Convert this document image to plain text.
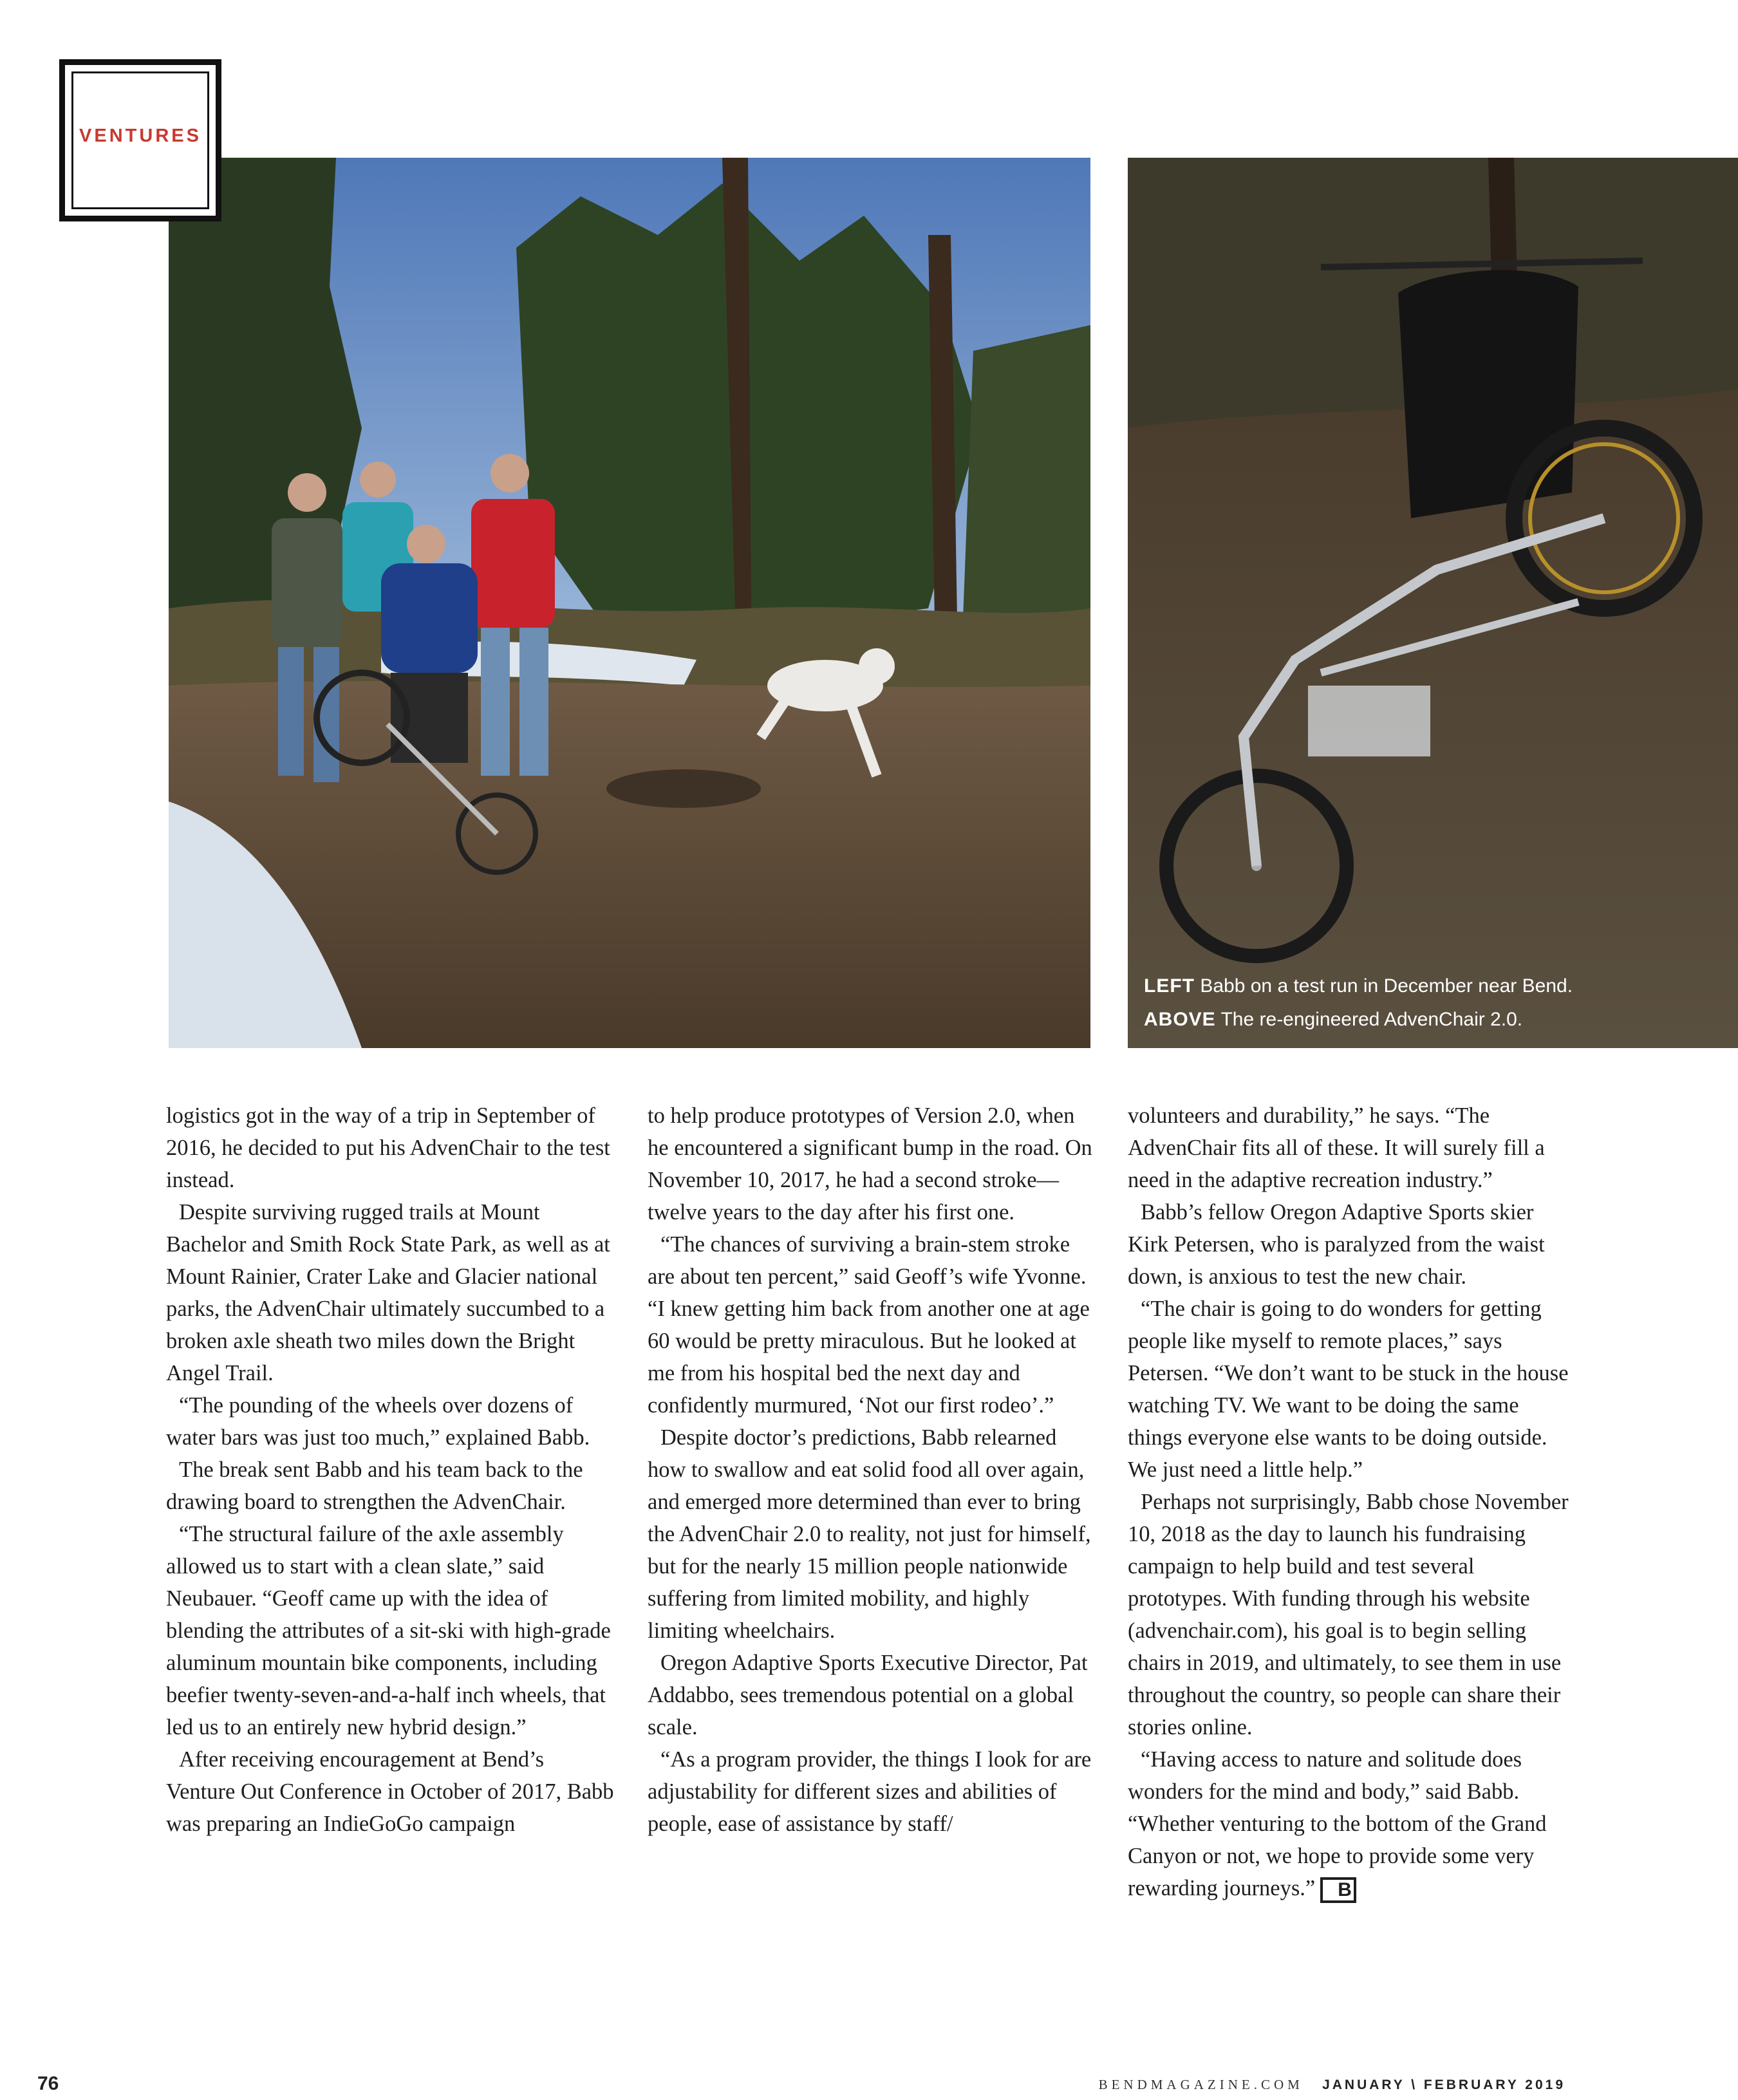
VENTURES
LEFT Babb on a test run in December near Bend.
ABOVE The re-engineered AdvenChair 2.0.

logistics got in the way of a trip in September of 2016, he decided to put his AdvenChair to the test instead.

Despite surviving rugged trails at Mount Bachelor and Smith Rock State Park, as well as at Mount Rainier, Crater Lake and Glacier national parks, the AdvenChair ultimately succumbed to a broken axle sheath two miles down the Bright Angel Trail.

“The pounding of the wheels over dozens of water bars was just too much,” explained Babb.

The break sent Babb and his team back to the drawing board to strengthen the AdvenChair.

“The structural failure of the axle assembly allowed us to start with a clean slate,” said Neubauer. “Geoff came up with the idea of blending the attributes of a sit-ski with high-grade aluminum mountain bike components, including beefier twenty-seven-and-a-half inch wheels, that led us to an entirely new hybrid design.”

After receiving encouragement at Bend’s Venture Out Conference in October of 2017, Babb was preparing an IndieGoGo campaign

to help produce prototypes of Version 2.0, when he encountered a significant bump in the road. On November 10, 2017, he had a second stroke—twelve years to the day after his first one.

“The chances of surviving a brain-stem stroke are about ten percent,” said Geoff’s wife Yvonne. “I knew getting him back from another one at age 60 would be pretty miraculous. But he looked at me from his hospital bed the next day and confidently murmured, ‘Not our first rodeo’.”

Despite doctor’s predictions, Babb relearned how to swallow and eat solid food all over again, and emerged more determined than ever to bring the AdvenChair 2.0 to reality, not just for himself, but for the nearly 15 million people nationwide suffering from limited mobility, and highly limiting wheelchairs.

Oregon Adaptive Sports Executive Director, Pat Addabbo, sees tremendous potential on a global scale.

“As a program provider, the things I look for are adjustability for different sizes and abilities of people, ease of assistance by staff/

volunteers and durability,” he says. “The AdvenChair fits all of these. It will surely fill a need in the adaptive recreation industry.”

Babb’s fellow Oregon Adaptive Sports skier Kirk Petersen, who is paralyzed from the waist down, is anxious to test the new chair.

“The chair is going to do wonders for getting people like myself to remote places,” says Petersen. “We don’t want to be stuck in the house watching TV. We want to be doing the same things everyone else wants to be doing outside. We just need a little help.”

Perhaps not surprisingly, Babb chose November 10, 2018 as the day to launch his fundraising campaign to help build and test several prototypes. With funding through his website (advenchair.com), his goal is to begin selling chairs in 2019, and ultimately, to see them in use throughout the country, so people can share their stories online.

“Having access to nature and solitude does wonders for the mind and body,” said Babb. “Whether venturing to the bottom of the Grand Canyon or not, we hope to provide some very rewarding journeys.” B

76	BENDMAGAZINE.COM JANUARY \ FEBRUARY 2019
